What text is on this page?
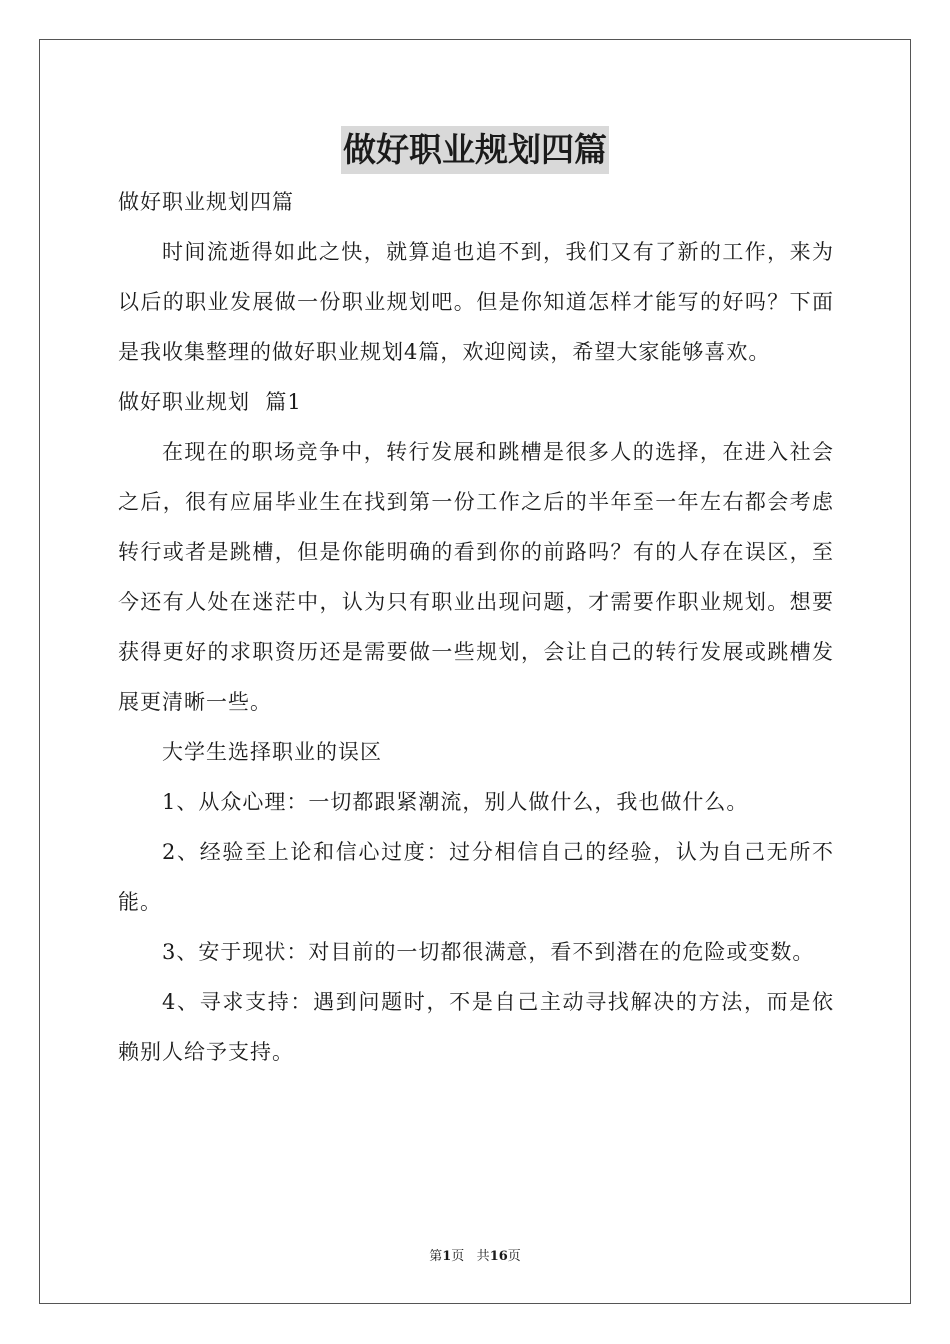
做好职业规划四篇

做好职业规划四篇

时间流逝得如此之快，就算追也追不到，我们又有了新的工作，来为以后的职业发展做一份职业规划吧。但是你知道怎样才能写的好吗？下面是我收集整理的做好职业规划4篇，欢迎阅读，希望大家能够喜欢。

做好职业规划  篇1

在现在的职场竞争中，转行发展和跳槽是很多人的选择，在进入社会之后，很有应届毕业生在找到第一份工作之后的半年至一年左右都会考虑转行或者是跳槽，但是你能明确的看到你的前路吗？有的人存在误区，至今还有人处在迷茫中，认为只有职业出现问题，才需要作职业规划。想要获得更好的求职资历还是需要做一些规划，会让自己的转行发展或跳槽发展更清晰一些。

大学生选择职业的误区

1、从众心理：一切都跟紧潮流，别人做什么，我也做什么。

2、经验至上论和信心过度：过分相信自己的经验，认为自己无所不能。

3、安于现状：对目前的一切都很满意，看不到潜在的危险或变数。

4、寻求支持：遇到问题时，不是自己主动寻找解决的方法，而是依赖别人给予支持。

第1页 共16页
